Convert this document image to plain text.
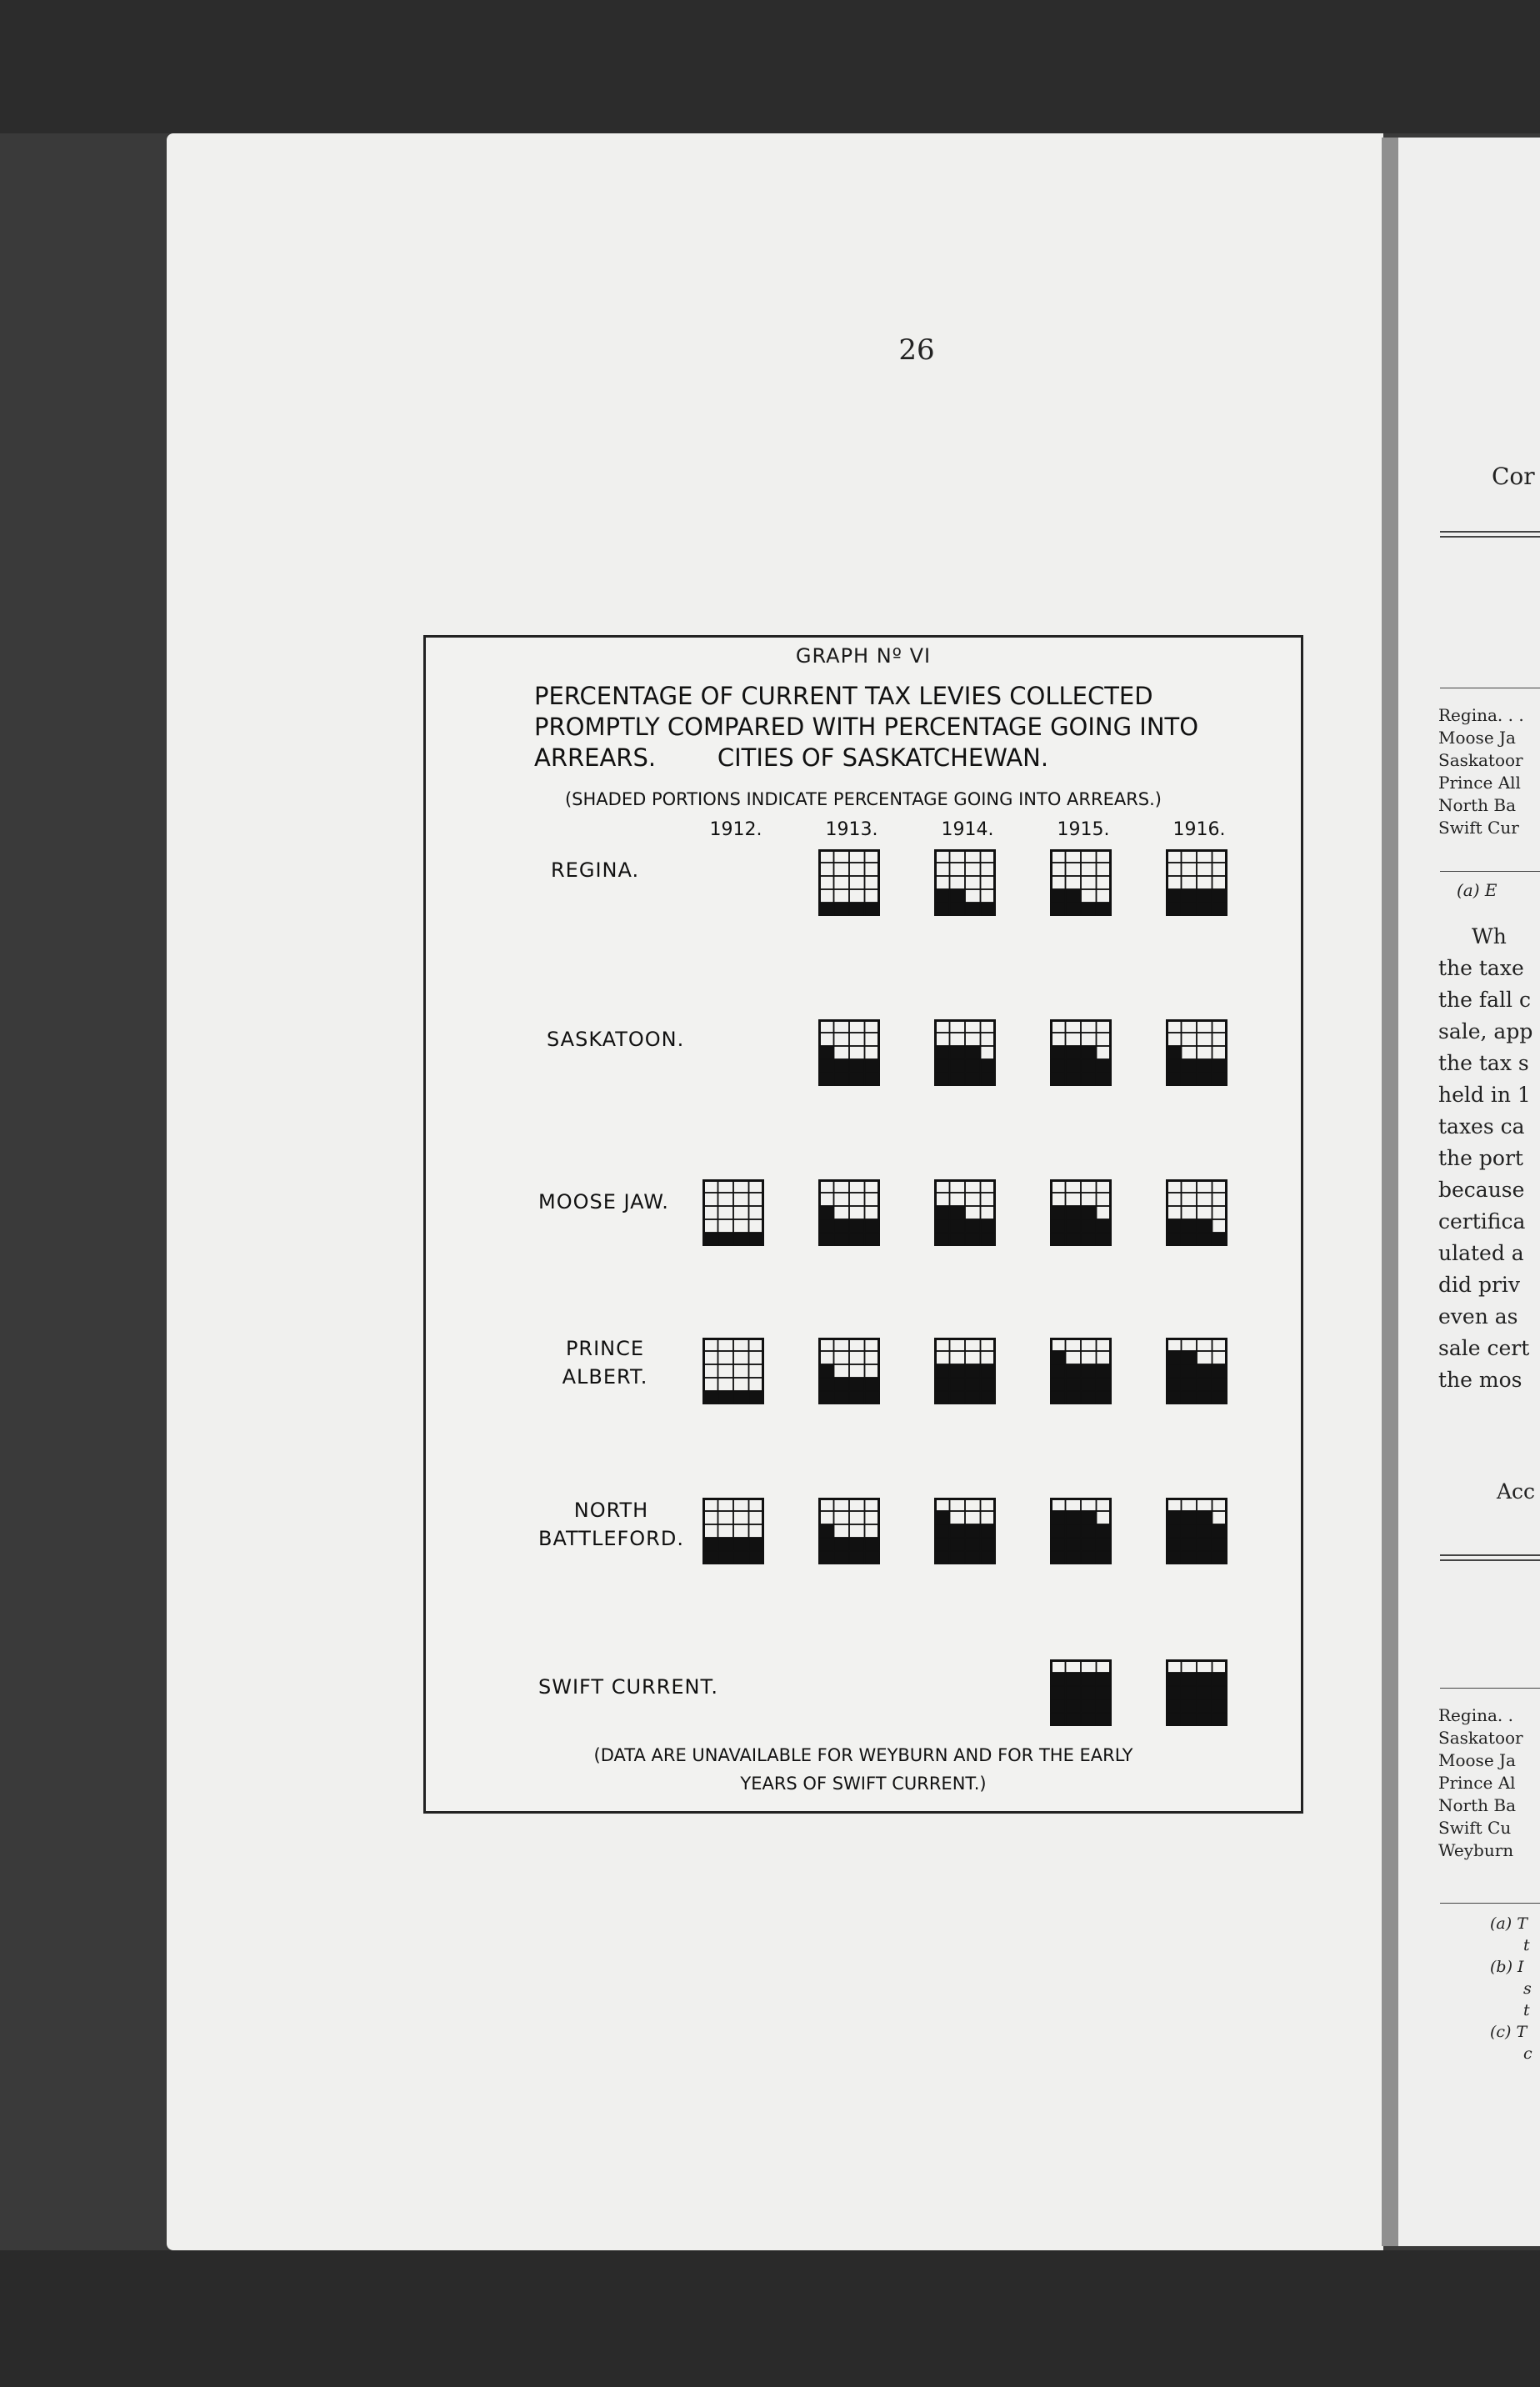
Cor
Regina. . .
Moose Ja
Saskatoor
Prince All
North Ba
Swift Cur
(a) E
Wh
the taxe
the fall c
sale, app
the tax s
held in 1
taxes ca
the port
because
certifica
ulated a
did priv
even as
sale cert
the mos
Acc
Regina. .
Saskatoor
Moose Ja
Prince Al
North Ba
Swift Cu
Weyburn
(a) T
t
(b) I
s
t
(c) T
c
26
GRAPH Nº VI
PERCENTAGE OF CURRENT TAX LEVIES COLLECTED
PROMPTLY COMPARED WITH PERCENTAGE GOING INTO
ARREARS.        CITIES OF SASKATCHEWAN.
(SHADED PORTIONS INDICATE PERCENTAGE GOING INTO ARREARS.)
1912.	1913.	1914.	1915.	1916.
REGINA.
SASKATOON.
MOOSE JAW.
PRINCE ALBERT.
NORTH BATTLEFORD.
SWIFT CURRENT.
(DATA ARE UNAVAILABLE FOR WEYBURN AND FOR THE EARLY
YEARS OF SWIFT CURRENT.)
